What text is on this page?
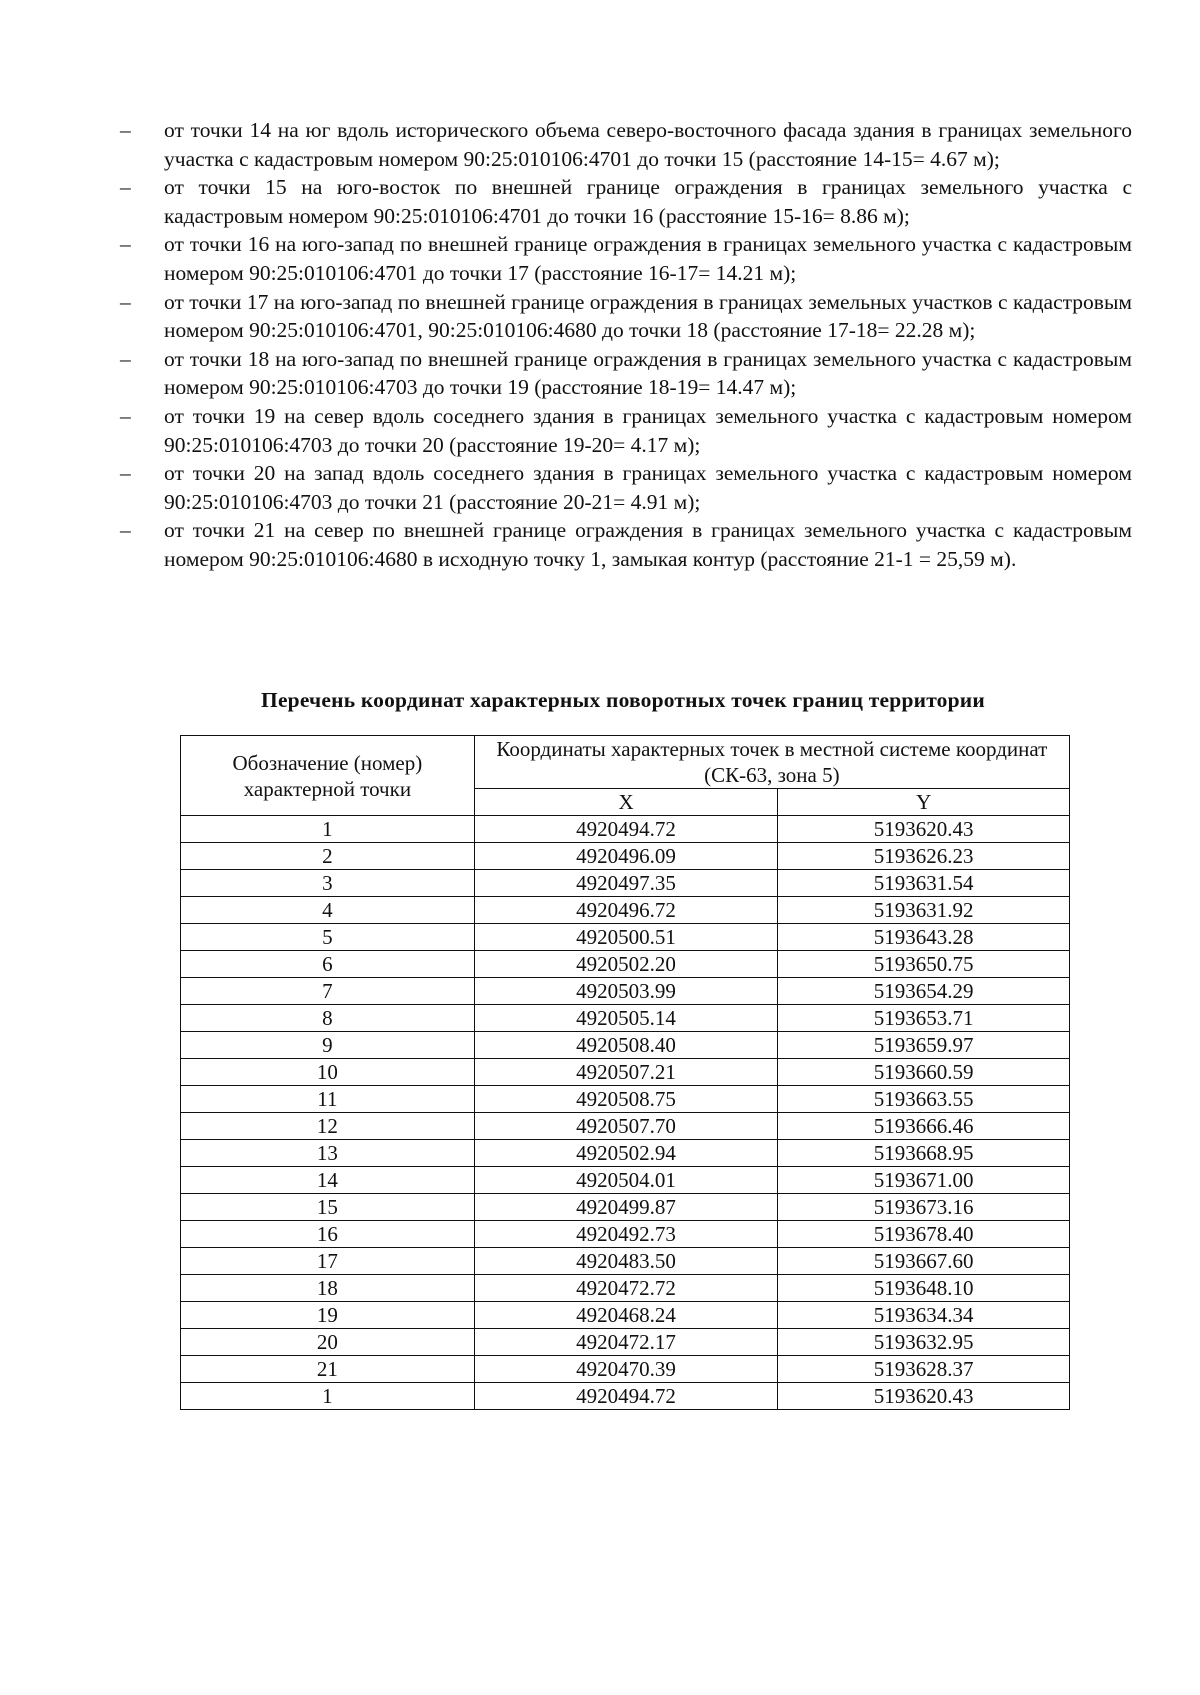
–	от точки 14 на юг вдоль исторического объема северо-восточного фасада здания в границах земельного участка с кадастровым номером 90:25:010106:4701 до точки 15 (расстояние 14-15= 4.67 м);
–	от точки 15 на юго-восток по внешней границе ограждения в границах земельного участка с кадастровым номером 90:25:010106:4701 до точки 16 (расстояние 15-16= 8.86 м);
–	от точки 16 на юго-запад по внешней границе ограждения в границах земельного участка с кадастровым номером 90:25:010106:4701 до точки 17 (расстояние 16-17= 14.21 м);
–	от точки 17 на юго-запад по внешней границе ограждения в границах земельных участков с кадастровым номером 90:25:010106:4701, 90:25:010106:4680 до точки 18 (расстояние 17-18= 22.28 м);
–	от точки 18 на юго-запад по внешней границе ограждения в границах земельного участка с кадастровым номером 90:25:010106:4703 до точки 19 (расстояние 18-19= 14.47 м);
–	от точки 19 на север вдоль соседнего здания в границах земельного участка с кадастровым номером 90:25:010106:4703 до точки 20 (расстояние 19-20= 4.17 м);
–	от точки 20 на запад вдоль соседнего здания в границах земельного участка с кадастровым номером 90:25:010106:4703 до точки 21 (расстояние 20-21= 4.91 м);
–	от точки 21 на север по внешней границе ограждения в границах земельного участка с кадастровым номером 90:25:010106:4680 в исходную точку 1, замыкая контур (расстояние 21-1 = 25,59 м).
Перечень координат характерных поворотных точек границ территории
Обозначение (номер) характерной точки	Координаты характерных точек в местной системе координат (СК-63, зона 5)	
	X	Y
1	4920494.72	5193620.43
2	4920496.09	5193626.23
3	4920497.35	5193631.54
4	4920496.72	5193631.92
5	4920500.51	5193643.28
6	4920502.20	5193650.75
7	4920503.99	5193654.29
8	4920505.14	5193653.71
9	4920508.40	5193659.97
10	4920507.21	5193660.59
11	4920508.75	5193663.55
12	4920507.70	5193666.46
13	4920502.94	5193668.95
14	4920504.01	5193671.00
15	4920499.87	5193673.16
16	4920492.73	5193678.40
17	4920483.50	5193667.60
18	4920472.72	5193648.10
19	4920468.24	5193634.34
20	4920472.17	5193632.95
21	4920470.39	5193628.37
1	4920494.72	5193620.43
